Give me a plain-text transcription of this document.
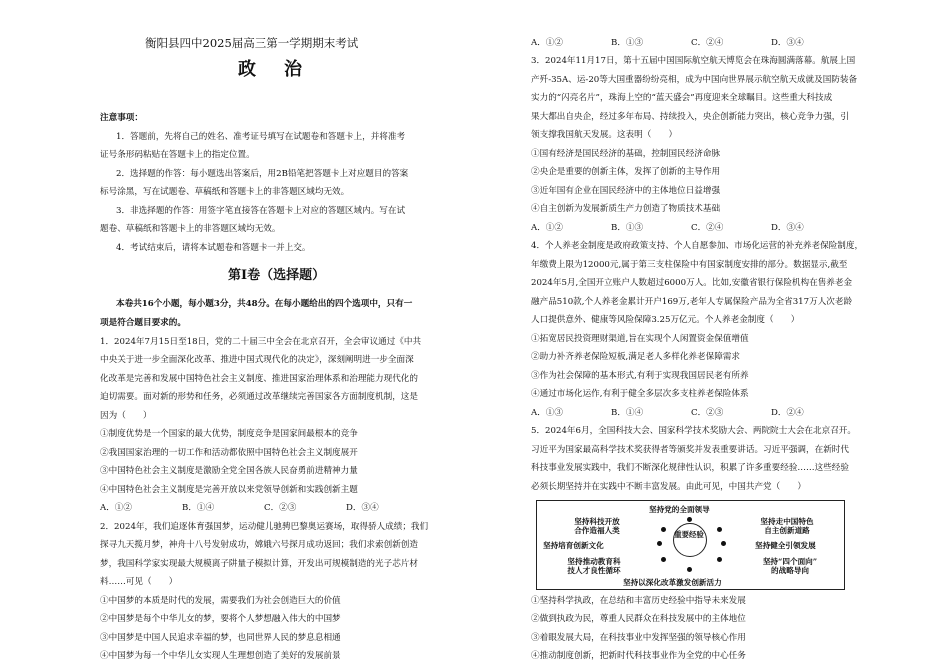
衡阳县四中2025届高三第一学期期末考试
政治
注意事项：
1．答题前，先将自己的姓名、准考证号填写在试题卷和答题卡上，并将准考
证号条形码粘贴在答题卡上的指定位置。
2．选择题的作答：每小题选出答案后，用2B铅笔把答题卡上对应题目的答案
标号涂黑，写在试题卷、草稿纸和答题卡上的非答题区域均无效。
3．非选择题的作答：用签字笔直接答在答题卡上对应的答题区域内。写在试
题卷、草稿纸和答题卡上的非答题区域均无效。
4．考试结束后，请将本试题卷和答题卡一并上交。
第Ⅰ卷（选择题）
本卷共16个小题，每小题3分，共48分。在每小题给出的四个选项中，只有一
项是符合题目要求的。
1．2024年7月15日至18日，党的二十届三中全会在北京召开，全会审议通过《中共
中央关于进一步全面深化改革、推进中国式现代化的决定》，深刻阐明进一步全面深
化改革是完善和发展中国特色社会主义制度、推进国家治理体系和治理能力现代化的
迫切需要。面对新的形势和任务，必须通过改革继续完善国家各方面制度机制，这是
因为（　　）
①制度优势是一个国家的最大优势，制度竞争是国家间最根本的竞争
②我国国家治理的一切工作和活动都依照中国特色社会主义制度展开
③中国特色社会主义制度是激励全党全国各族人民奋勇前进精神力量
④中国特色社会主义制度是完善开放以来党领导创新和实践创新主题
A．①②	B．①④	C．②③	D．③④
2．2024年，我们追逐体育强国梦，运动健儿驰骋巴黎奥运赛场，取得骄人成绩；我们
探寻九天揽月梦，神舟十八号发射成功，嫦娥六号探月成功返回；我们求索创新创造
梦，我国科学家实现最大规模离子阱量子模拟计算，开发出可规模制造的光子芯片材
料……可见（　　）
①中国梦的本质是时代的发展，需要我们为社会创造巨大的价值
②中国梦是每个中华儿女的梦，要将个人梦想融入伟大的中国梦
③中国梦是中国人民追求幸福的梦，也同世界人民的梦息息相通
④中国梦为每一个中华儿女实现人生理想创造了美好的发展前景
A．①②	B．①③	C．②④	D．③④
3．2024年11月17日，第十五届中国国际航空航天博览会在珠海圆满落幕。航展上国
产歼-35A、运-20等大国重器纷纷亮相，成为中国向世界展示航空航天成就及国防装备
实力的“闪亮名片”，珠海上空的“蓝天盛会”再度迎来全球瞩目。这些重大科技成
果大都出自央企，经过多年布局、持续投入，央企创新能力突出，核心竞争力强，引
领支撑我国航天发展。这表明（　　）
①国有经济是国民经济的基础，控制国民经济命脉
②央企是重要的创新主体，发挥了创新的主导作用
③近年国有企业在国民经济中的主体地位日益增强
④自主创新为发展新质生产力创造了物质技术基础
A．①②	B．①③	C．②④	D．③④
4．个人养老金制度是政府政策支持、个人自愿参加、市场化运营的补充养老保险制度，
年缴费上限为12000元,属于第三支柱保险中有国家制度安排的部分。数据显示,截至
2024年5月,全国开立账户人数超过6000万人。比如,安徽省银行保险机构在售养老金
融产品510款,个人养老金累计开户169万,老年人专属保险产品为全省317万人次老龄
人口提供意外、健康等风险保障3.25万亿元。个人养老金制度（　　）
①拓宽居民投资理财渠道,旨在实现个人闲置资金保值增值
②助力补齐养老保险短板,满足老人多样化养老保障需求
③作为社会保障的基本形式,有利于实现我国居民老有所养
④通过市场化运作,有利于健全多层次多支柱养老保险体系
A．①③	B．①④	C．②③	D．②④
5．2024年6月，全国科技大会、国家科学技术奖励大会、两院院士大会在北京召开。
习近平为国家最高科学技术奖获得者等颁奖并发表重要讲话。习近平强调，在新时代
科技事业发展实践中，我们不断深化规律性认识，积累了许多重要经验……这些经验
必须长期坚持并在实践中不断丰富发展。由此可见，中国共产党（　　）
①坚持科学执政，在总结和丰富历史经验中指导未来发展
②做到执政为民，尊重人民群众在科技发展中的主体地位
③着眼发展大局，在科技事业中发挥坚强的领导核心作用
④推动制度创新，把新时代科技事业作为全党的中心任务
坚持党的全面领导
坚持科技开放
合作造福人类
坚持走中国特色
自主创新道路
坚持培育创新文化	坚持健全引领发展
坚持推动教育科
技人才良性循环
坚持“四个面向”
的战略导向
坚持以深化改革激发创新活力
重要经验
